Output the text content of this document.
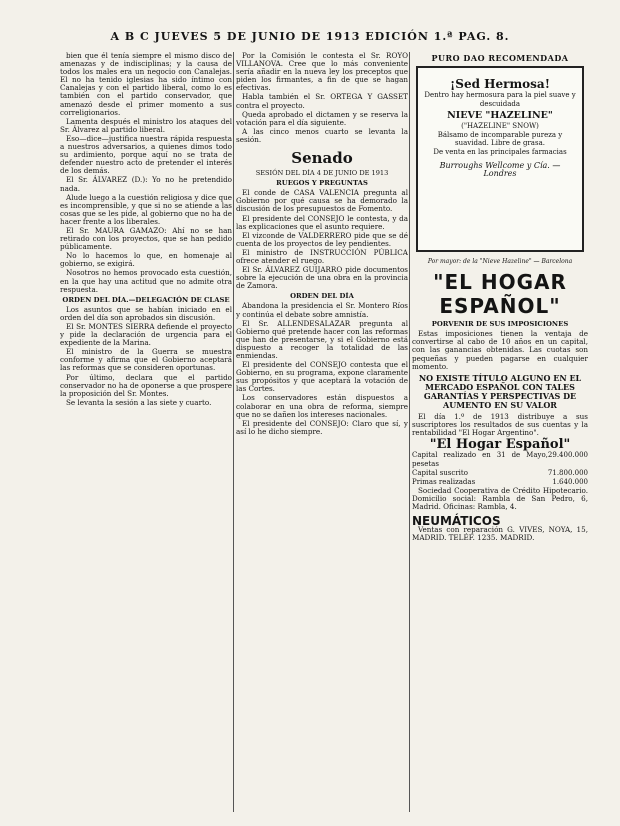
A B C JUEVES 5 DE JUNIO DE 1913 EDICIÓN 1.ª PAG. 8.

bien que él tenía siempre el mismo disco de amenazas y de indisciplinas; y la causa de todos los males era un negocio con Canalejas. El no ha tenido iglesias ha sido íntimo con Canalejas y con el partido liberal, como lo es también con el partido conservador, que amenazó desde el primer momento a sus correligionarios.

Lamenta después el ministro los ataques del Sr. Álvarez al partido liberal.

Eso—dice—justifica nuestra rápida respuesta a nuestros adversarios, a quienes dimos todo su ardimiento, porque aquí no se trata de defender nuestro acto de pretender el interés de los demás.

El Sr. ÁLVAREZ (D.): Yo no he pretendido nada.

Alude luego a la cuestión religiosa y dice que es incomprensible, y que si no se atiende a las cosas que se les pide, al gobierno que no ha de hacer frente a los liberales.

El Sr. MAURA GAMAZO: Ahí no se han retirado con los proyectos, que se han pedido públicamente.

No lo hacemos lo que, en homenaje al gobierno, se exigirá.

Nosotros no hemos provocado esta cuestión, en la que hay una actitud que no admite otra respuesta.

ORDEN DEL DÍA.—DELEGACIÓN DE CLASE

Los asuntos que se habían iniciado en el orden del día son aprobados sin discusión.

El Sr. MONTES SIERRA defiende el proyecto y pide la declaración de urgencia para el expediente de la Marina.

El ministro de la Guerra se muestra conforme y afirma que el Gobierno aceptará las reformas que se consideren oportunas.

Por último, declara que el partido conservador no ha de oponerse a que prospere la proposición del Sr. Montes.

Se levanta la sesión a las siete y cuarto.

Por la Comisión le contesta el Sr. ROYO VILLANOVA. Cree que lo más conveniente sería añadir en la nueva ley los preceptos que piden los firmantes, a fin de que se hagan efectivas.

Habla también el Sr. ORTEGA Y GASSET contra el proyecto.

Queda aprobado el dictamen y se reserva la votación para el día siguiente.

A las cinco menos cuarto se levanta la sesión.

Senado

SESIÓN DEL DÍA 4 DE JUNIO DE 1913

RUEGOS Y PREGUNTAS

El conde de CASA VALENCIA pregunta al Gobierno por qué causa se ha demorado la discusión de los presupuestos de Fomento.

El presidente del CONSEJO le contesta, y da las explicaciones que el asunto requiere.

El vizconde de VALDERRERO pide que se dé cuenta de los proyectos de ley pendientes.

El ministro de INSTRUCCIÓN PÚBLICA ofrece atender el ruego.

El Sr. ÁLVAREZ GUIJARRO pide documentos sobre la ejecución de una obra en la provincia de Zamora.

ORDEN DEL DÍA

Abandona la presidencia el Sr. Montero Ríos y continúa el debate sobre amnistía.

El Sr. ALLENDESALAZAR pregunta al Gobierno qué pretende hacer con las reformas que han de presentarse, y si el Gobierno está dispuesto a recoger la totalidad de las enmiendas.

El presidente del CONSEJO contesta que el Gobierno, en su programa, expone claramente sus propósitos y que aceptará la votación de las Cortes.

Los conservadores están dispuestos a colaborar en una obra de reforma, siempre que no se dañen los intereses nacionales.

El presidente del CONSEJO: Claro que sí, y así lo he dicho siempre.

PURO DAO RECOMENDADA
¡Sed Hermosa!
Dentro hay hermosura para la piel suave y descuidada
NIEVE "HAZELINE"
("HAZELINE" SNOW)
Bálsamo de incomparable pureza y suavidad. Libre de grasa.
De venta en las principales farmacias
Burroughs Wellcome y Cía. — Londres
Por mayor: de la "Nieve Hazeline" — Barcelona
"EL HOGAR ESPAÑOL"
PORVENIR DE SUS IMPOSICIONES

Estas imposiciones tienen la ventaja de convertirse al cabo de 10 años en un capital, con las ganancias obtenidas. Las cuotas son pequeñas y pueden pagarse en cualquier momento.

NO EXISTE TÍTULO ALGUNO EN EL MERCADO ESPAÑOL CON TALES GARANTÍAS Y PERSPECTIVAS DE AUMENTO EN SU VALOR

El día 1.º de 1913 distribuye a sus suscriptores los resultados de sus cuentas y la rentabilidad "El Hogar Argentino".

"El Hogar Español"
Capital realizado en 31 de Mayo, pesetas
29.400.000
Capital suscrito	71.800.000
Primas realizadas	1.640.000

Sociedad Cooperativa de Crédito Hipotecario. Domicilio social: Rambla de San Pedro, 6, Madrid. Oficinas: Rambla, 4.

NEUMÁTICOS

Ventas con reparación G. VIVES, NOYA, 15, MADRID. TELÉF. 1235. MADRID.
